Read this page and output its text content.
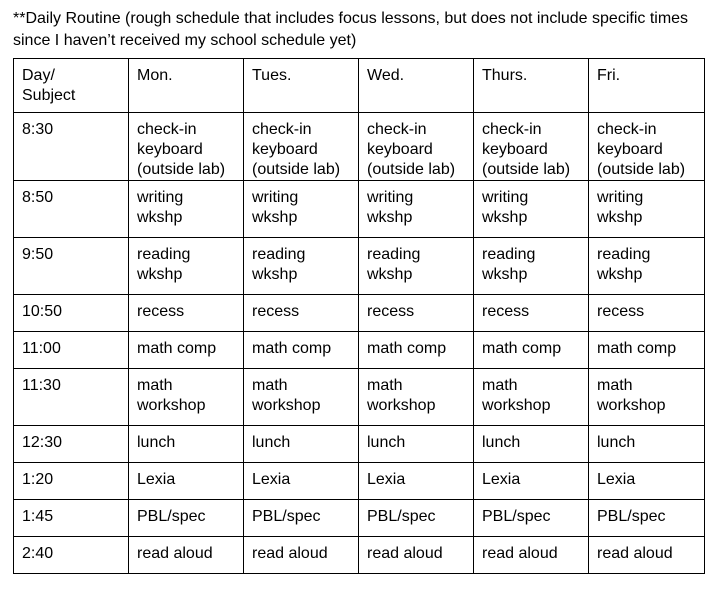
**Daily Routine (rough schedule that includes focus lessons, but does not include specific times since I haven’t received my school schedule yet)

Day/
Subject	Mon.	Tues.	Wed.	Thurs.	Fri.
8:30	check-in
keyboard
(outside lab)	check-in
keyboard
(outside lab)	check-in
keyboard
(outside lab)	check-in
keyboard
(outside lab)	check-in
keyboard
(outside lab)

8:50	writing
wkshp	writing
wkshp	writing
wkshp	writing
wkshp	writing
wkshp

9:50	reading
wkshp	reading
wkshp	reading
wkshp	reading
wkshp	reading
wkshp

10:50	recess	recess	recess	recess	recess

11:00	math comp	math comp	math comp	math comp	math comp

11:30	math
workshop	math
workshop	math
workshop	math
workshop	math
workshop

12:30	lunch	lunch	lunch	lunch	lunch

1:20	Lexia	Lexia	Lexia	Lexia	Lexia

1:45	PBL/spec	PBL/spec	PBL/spec	PBL/spec	PBL/spec

2:40	read aloud	read aloud	read aloud	read aloud	read aloud
